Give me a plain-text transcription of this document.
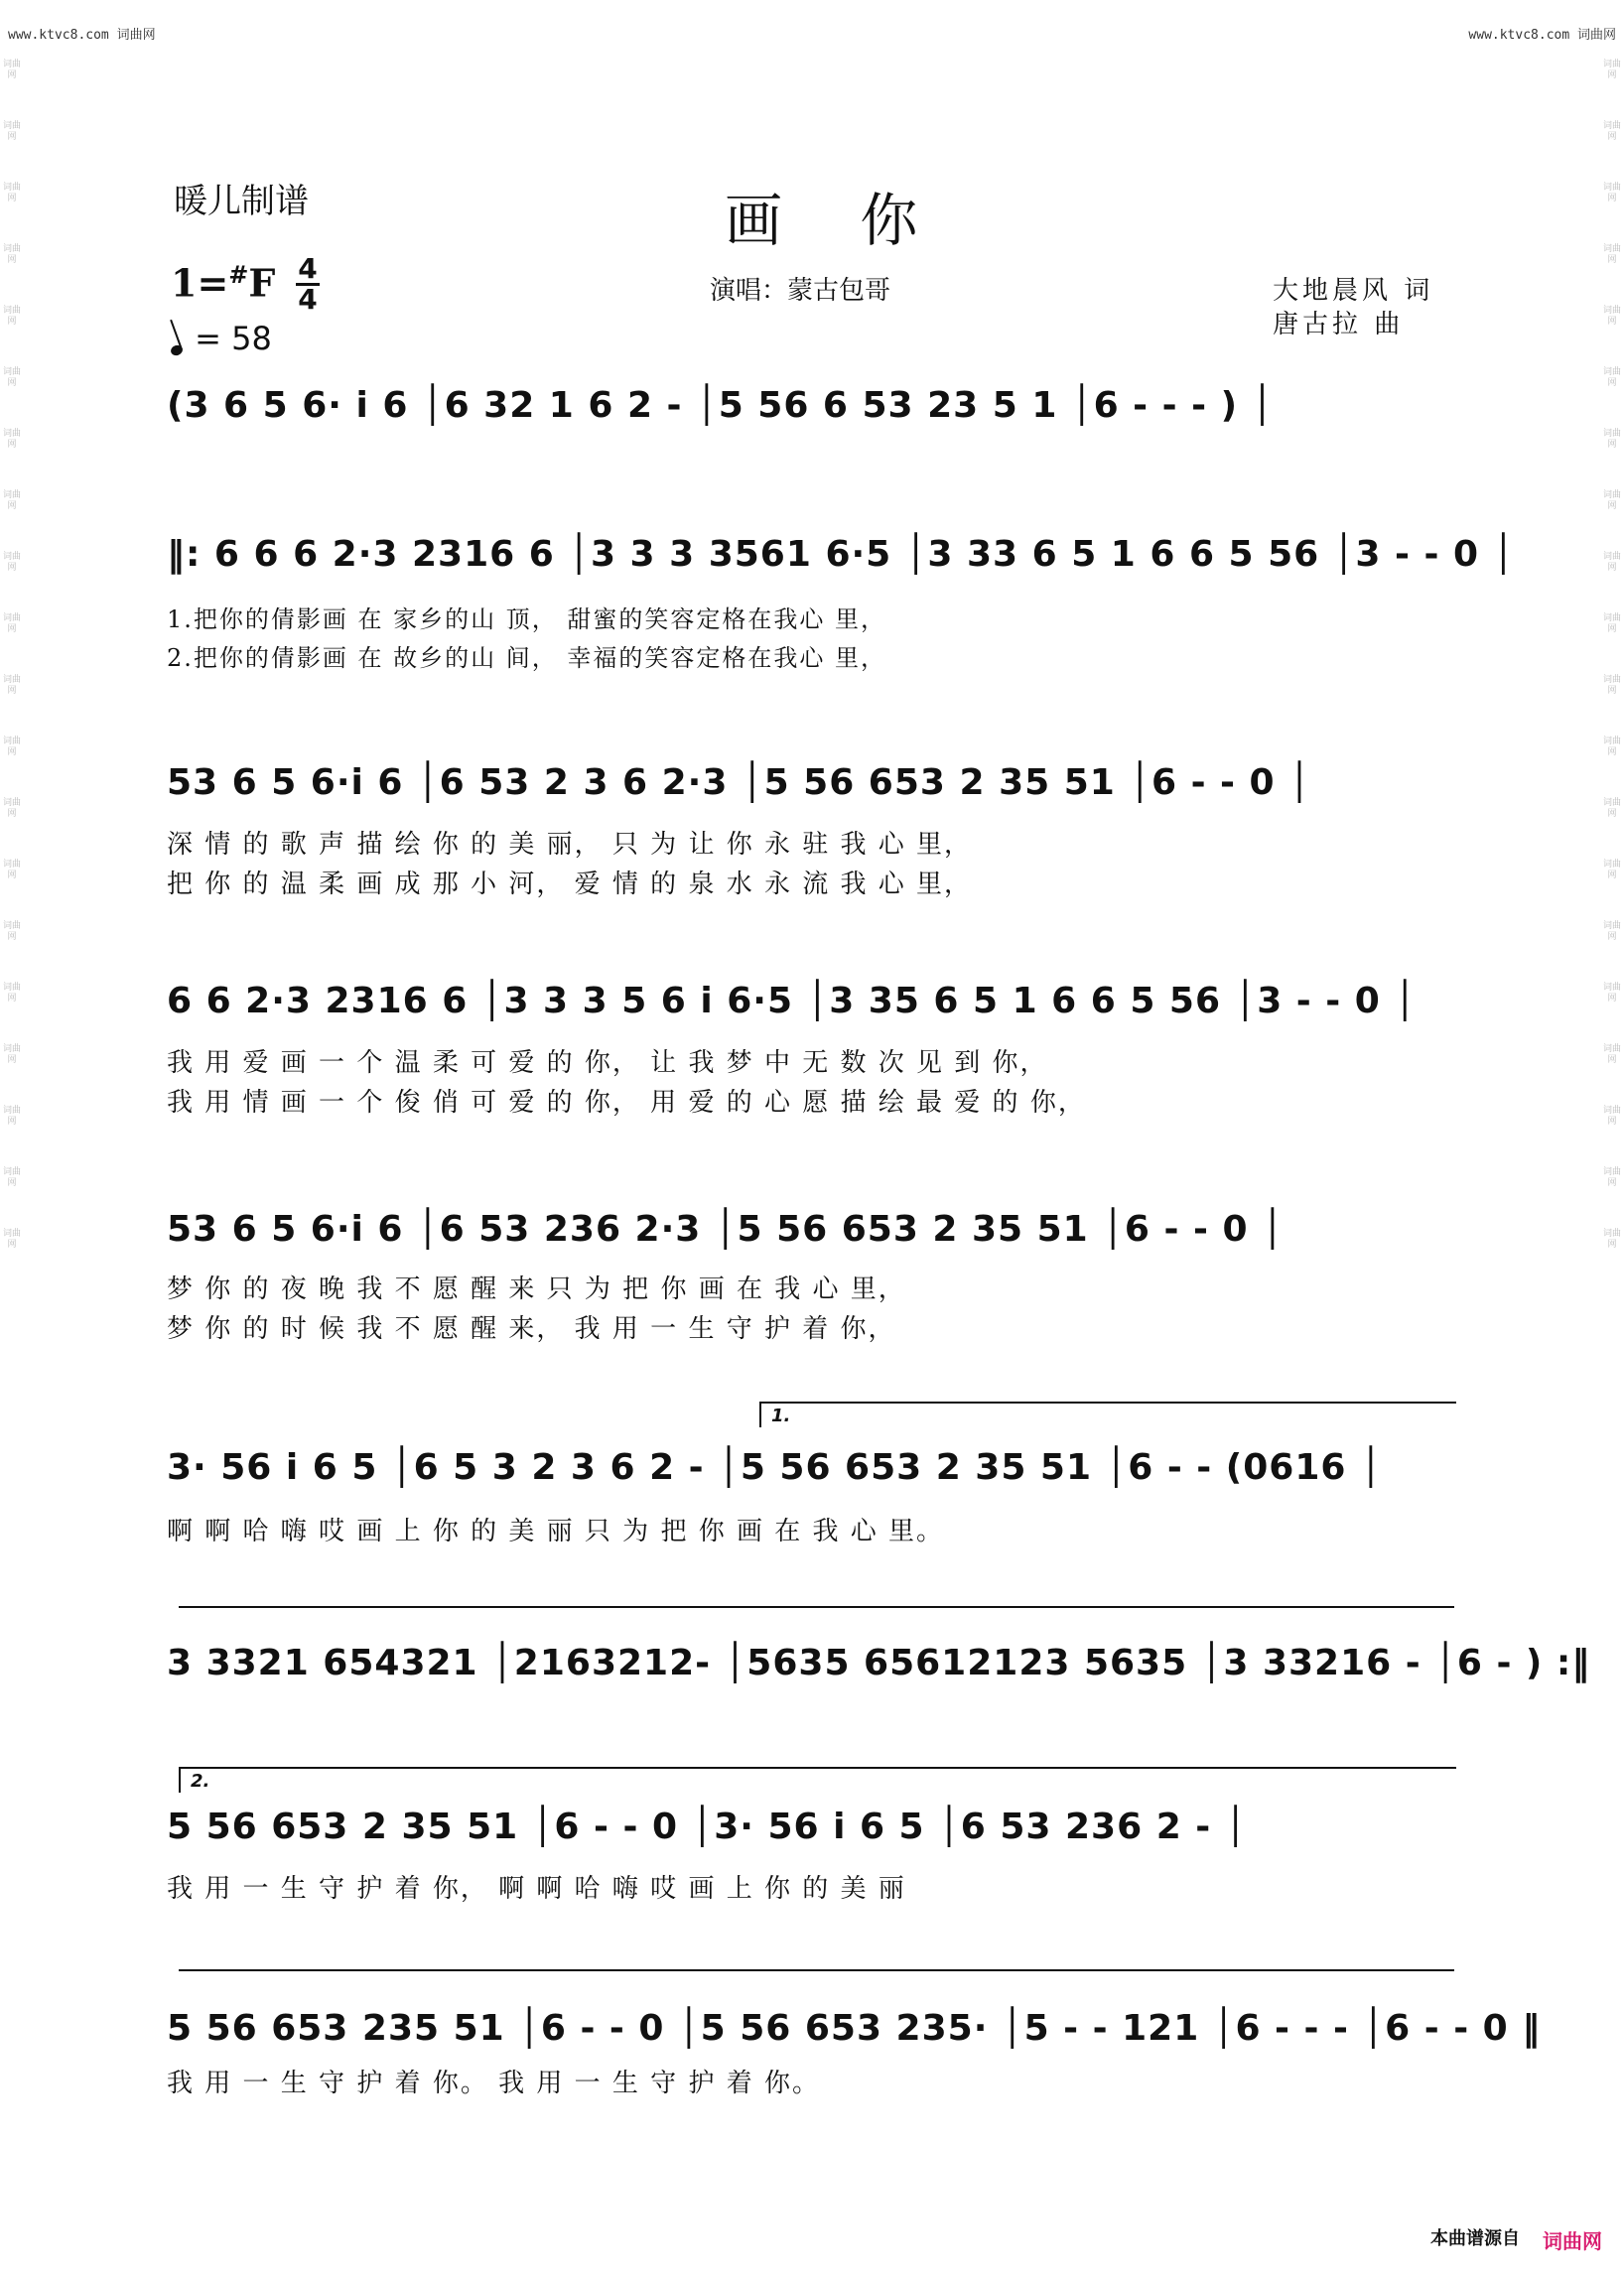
www.ktvc8.com 词曲网	www.ktvc8.com 词曲网
词曲网
词曲网
词曲网
词曲网
词曲网
词曲网
词曲网
词曲网
词曲网
词曲网
词曲网
词曲网
词曲网
词曲网
词曲网
词曲网
词曲网
词曲网
词曲网
词曲网
词曲网
词曲网
词曲网
词曲网
词曲网
词曲网
词曲网
词曲网
词曲网
词曲网
词曲网
词曲网
词曲网
词曲网
词曲网
词曲网
词曲网
词曲网
词曲网
词曲网
暖儿制谱	画 你
演唱：蒙古包哥	大地晨风 词
唐古拉 曲
1=#F 4
4
= 58
(3 6 5 6· i 6 │6 32 1 6 2 - │5 56 6 53 23 5 1 │6 - - - ) │
‖: 6 6 6 2·3 2316 6 │3 3 3 3561 6·5 │3 33 6 5 1 6 6 5 56 │3 - - 0 │
1.把你的倩影画 在 家乡的山 顶， 甜蜜的笑容定格在我心 里，
2.把你的倩影画 在 故乡的山 间， 幸福的笑容定格在我心 里，
53 6 5 6·i 6 │6 53 2 3 6 2·3 │5 56 653 2 35 51 │6 - - 0 │
深 情 的 歌 声 描 绘 你 的 美 丽， 只 为 让 你 永 驻 我 心 里，
把 你 的 温 柔 画 成 那 小 河， 爱 情 的 泉 水 永 流 我 心 里，
6 6 2·3 2316 6 │3 3 3 5 6 i 6·5 │3 35 6 5 1 6 6 5 56 │3 - - 0 │
我 用 爱 画 一 个 温 柔 可 爱 的 你， 让 我 梦 中 无 数 次 见 到 你，
我 用 情 画 一 个 俊 俏 可 爱 的 你， 用 爱 的 心 愿 描 绘 最 爱 的 你，
53 6 5 6·i 6 │6 53 236 2·3 │5 56 653 2 35 51 │6 - - 0 │
梦 你 的 夜 晚 我 不 愿 醒 来 只 为 把 你 画 在 我 心 里，
梦 你 的 时 候 我 不 愿 醒 来， 我 用 一 生 守 护 着 你，
1.
3· 56 i 6 5 │6 5 3 2 3 6 2 - │5 56 653 2 35 51 │6 - - (0616 │
啊 啊 哈 嗨 哎 画 上 你 的 美 丽 只 为 把 你 画 在 我 心 里。
3 3321 654321 │2163212- │5635 65612123 5635 │3 33216 - │6 - ) :‖
2.
5 56 653 2 35 51 │6 - - 0 │3· 56 i 6 5 │6 53 236 2 - │
我 用 一 生 守 护 着 你， 啊 啊 哈 嗨 哎 画 上 你 的 美 丽
5 56 653 235 51 │6 - - 0 │5 56 653 235· │5 - - 121 │6 - - - │6 - - 0 ‖
我 用 一 生 守 护 着 你。 我 用 一 生 守 护 着 你。
本曲谱源自 词曲网
